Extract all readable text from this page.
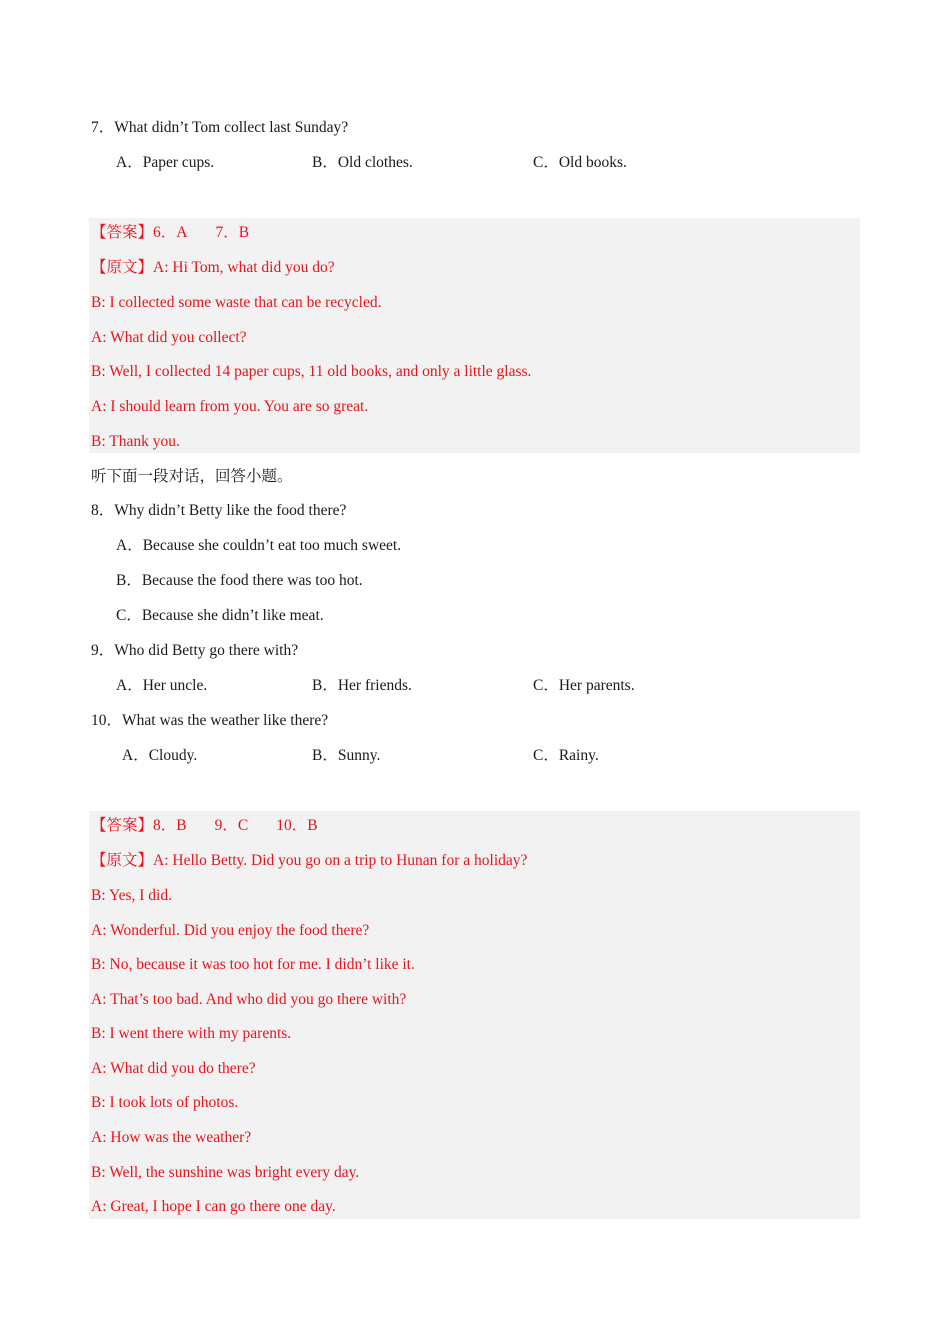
7．What didn’t Tom collect last Sunday?
A．Paper cups.	B．Old clothes.	C．Old books.
【答案】6．A 7．B
【原文】A: Hi Tom, what did you do?
B: I collected some waste that can be recycled.
A: What did you collect?
B: Well, I collected 14 paper cups, 11 old books, and only a little glass.
A: I should learn from you. You are so great.
B: Thank you.
听下面一段对话，回答小题。
8．Why didn’t Betty like the food there?
A．Because she couldn’t eat too much sweet.
B．Because the food there was too hot.
C．Because she didn’t like meat.
9．Who did Betty go there with?
A．Her uncle.	B．Her friends.	C．Her parents.
10．What was the weather like there?
A．Cloudy.	B．Sunny.	C．Rainy.
【答案】8．B 9．C 10．B
【原文】A: Hello Betty. Did you go on a trip to Hunan for a holiday?
B: Yes, I did.
A: Wonderful. Did you enjoy the food there?
B: No, because it was too hot for me. I didn’t like it.
A: That’s too bad. And who did you go there with?
B: I went there with my parents.
A: What did you do there?
B: I took lots of photos.
A: How was the weather?
B: Well, the sunshine was bright every day.
A: Great, I hope I can go there one day.
